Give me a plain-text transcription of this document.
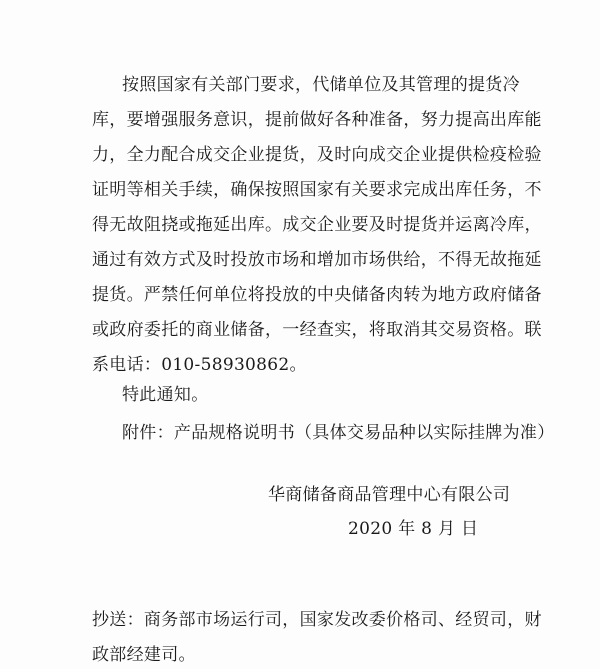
按照国家有关部门要求，代储单位及其管理的提货冷
库，要增强服务意识，提前做好各种准备，努力提高出库能
力，全力配合成交企业提货，及时向成交企业提供检疫检验
证明等相关手续，确保按照国家有关要求完成出库任务，不
得无故阻挠或拖延出库。成交企业要及时提货并运离冷库，
通过有效方式及时投放市场和增加市场供给，不得无故拖延
提货。严禁任何单位将投放的中央储备肉转为地方政府储备
或政府委托的商业储备，一经查实，将取消其交易资格。联
系电话：010-58930862。
特此通知。
附件：产品规格说明书（具体交易品种以实际挂牌为准）
华商储备商品管理中心有限公司
2020 年 8 月 日
抄送：商务部市场运行司，国家发改委价格司、经贸司，财
政部经建司。
